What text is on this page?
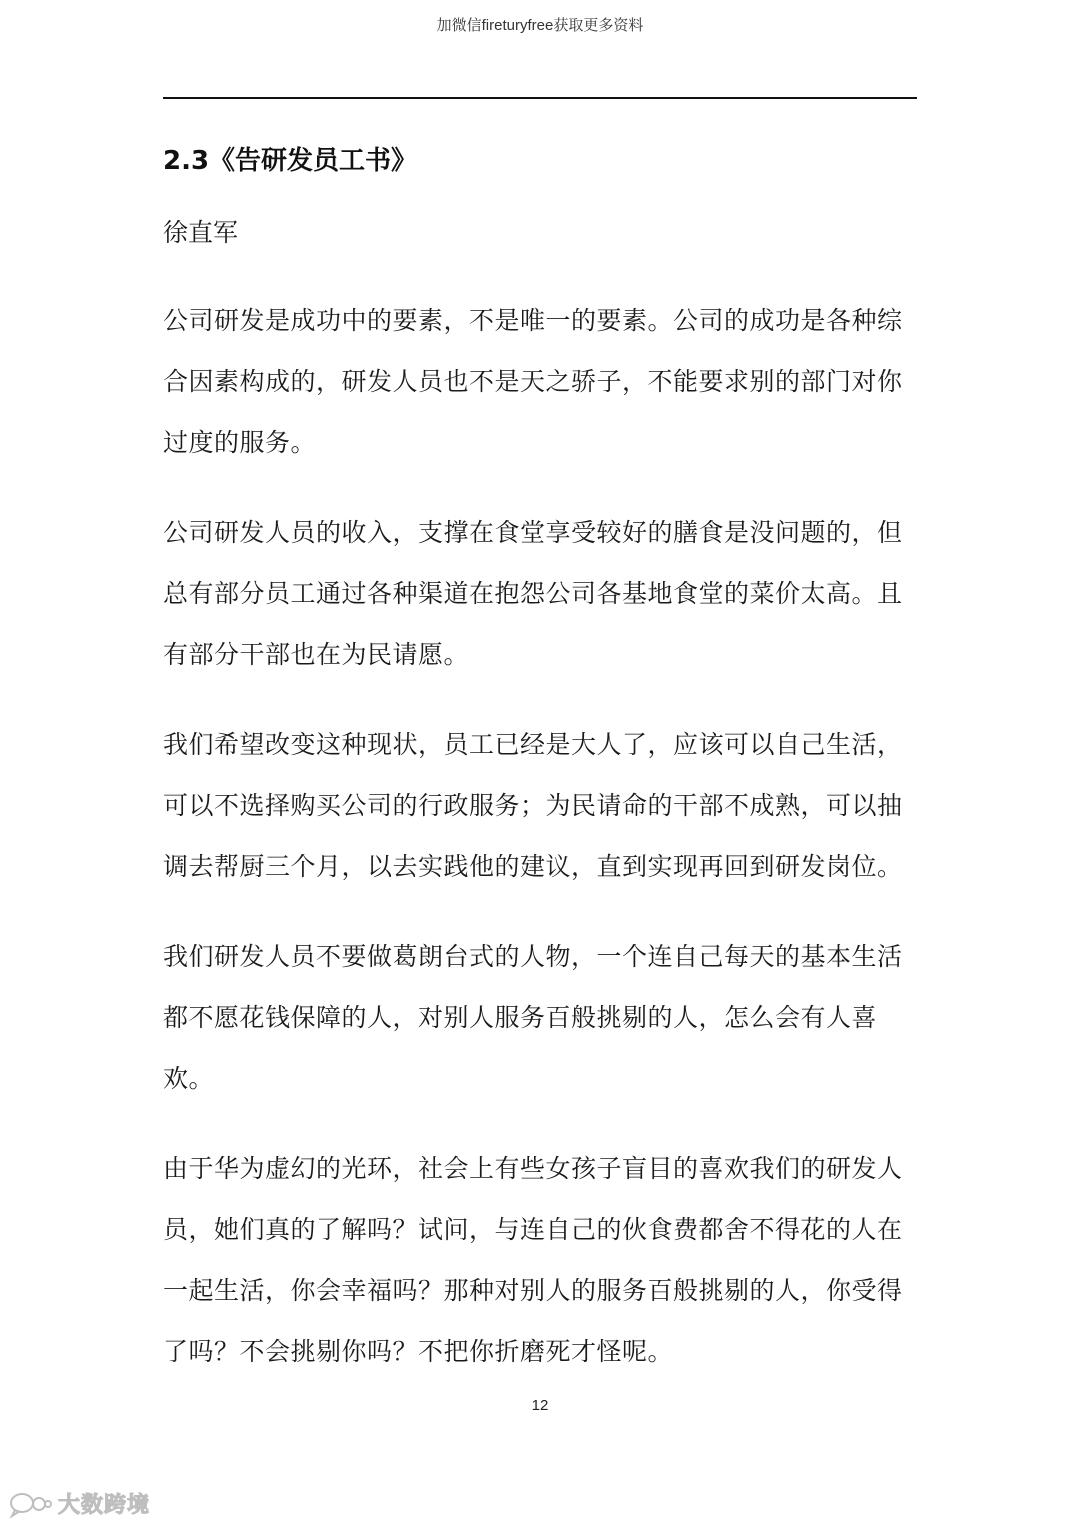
加微信fireturyfree获取更多资料
2.3《告研发员工书》

徐直军

公司研发是成功中的要素，不是唯一的要素。公司的成功是各种综合因素构成的，研发人员也不是天之骄子，不能要求别的部门对你过度的服务。

公司研发人员的收入，支撑在食堂享受较好的膳食是没问题的，但总有部分员工通过各种渠道在抱怨公司各基地食堂的菜价太高。且有部分干部也在为民请愿。

我们希望改变这种现状，员工已经是大人了，应该可以自己生活，可以不选择购买公司的行政服务；为民请命的干部不成熟，可以抽调去帮厨三个月，以去实践他的建议，直到实现再回到研发岗位。

我们研发人员不要做葛朗台式的人物，一个连自己每天的基本生活都不愿花钱保障的人，对别人服务百般挑剔的人，怎么会有人喜欢。

由于华为虚幻的光环，社会上有些女孩子盲目的喜欢我们的研发人员，她们真的了解吗？试问，与连自己的伙食费都舍不得花的人在一起生活，你会幸福吗？那种对别人的服务百般挑剔的人，你受得了吗？不会挑剔你吗？不把你折磨死才怪呢。

12
大数跨境
